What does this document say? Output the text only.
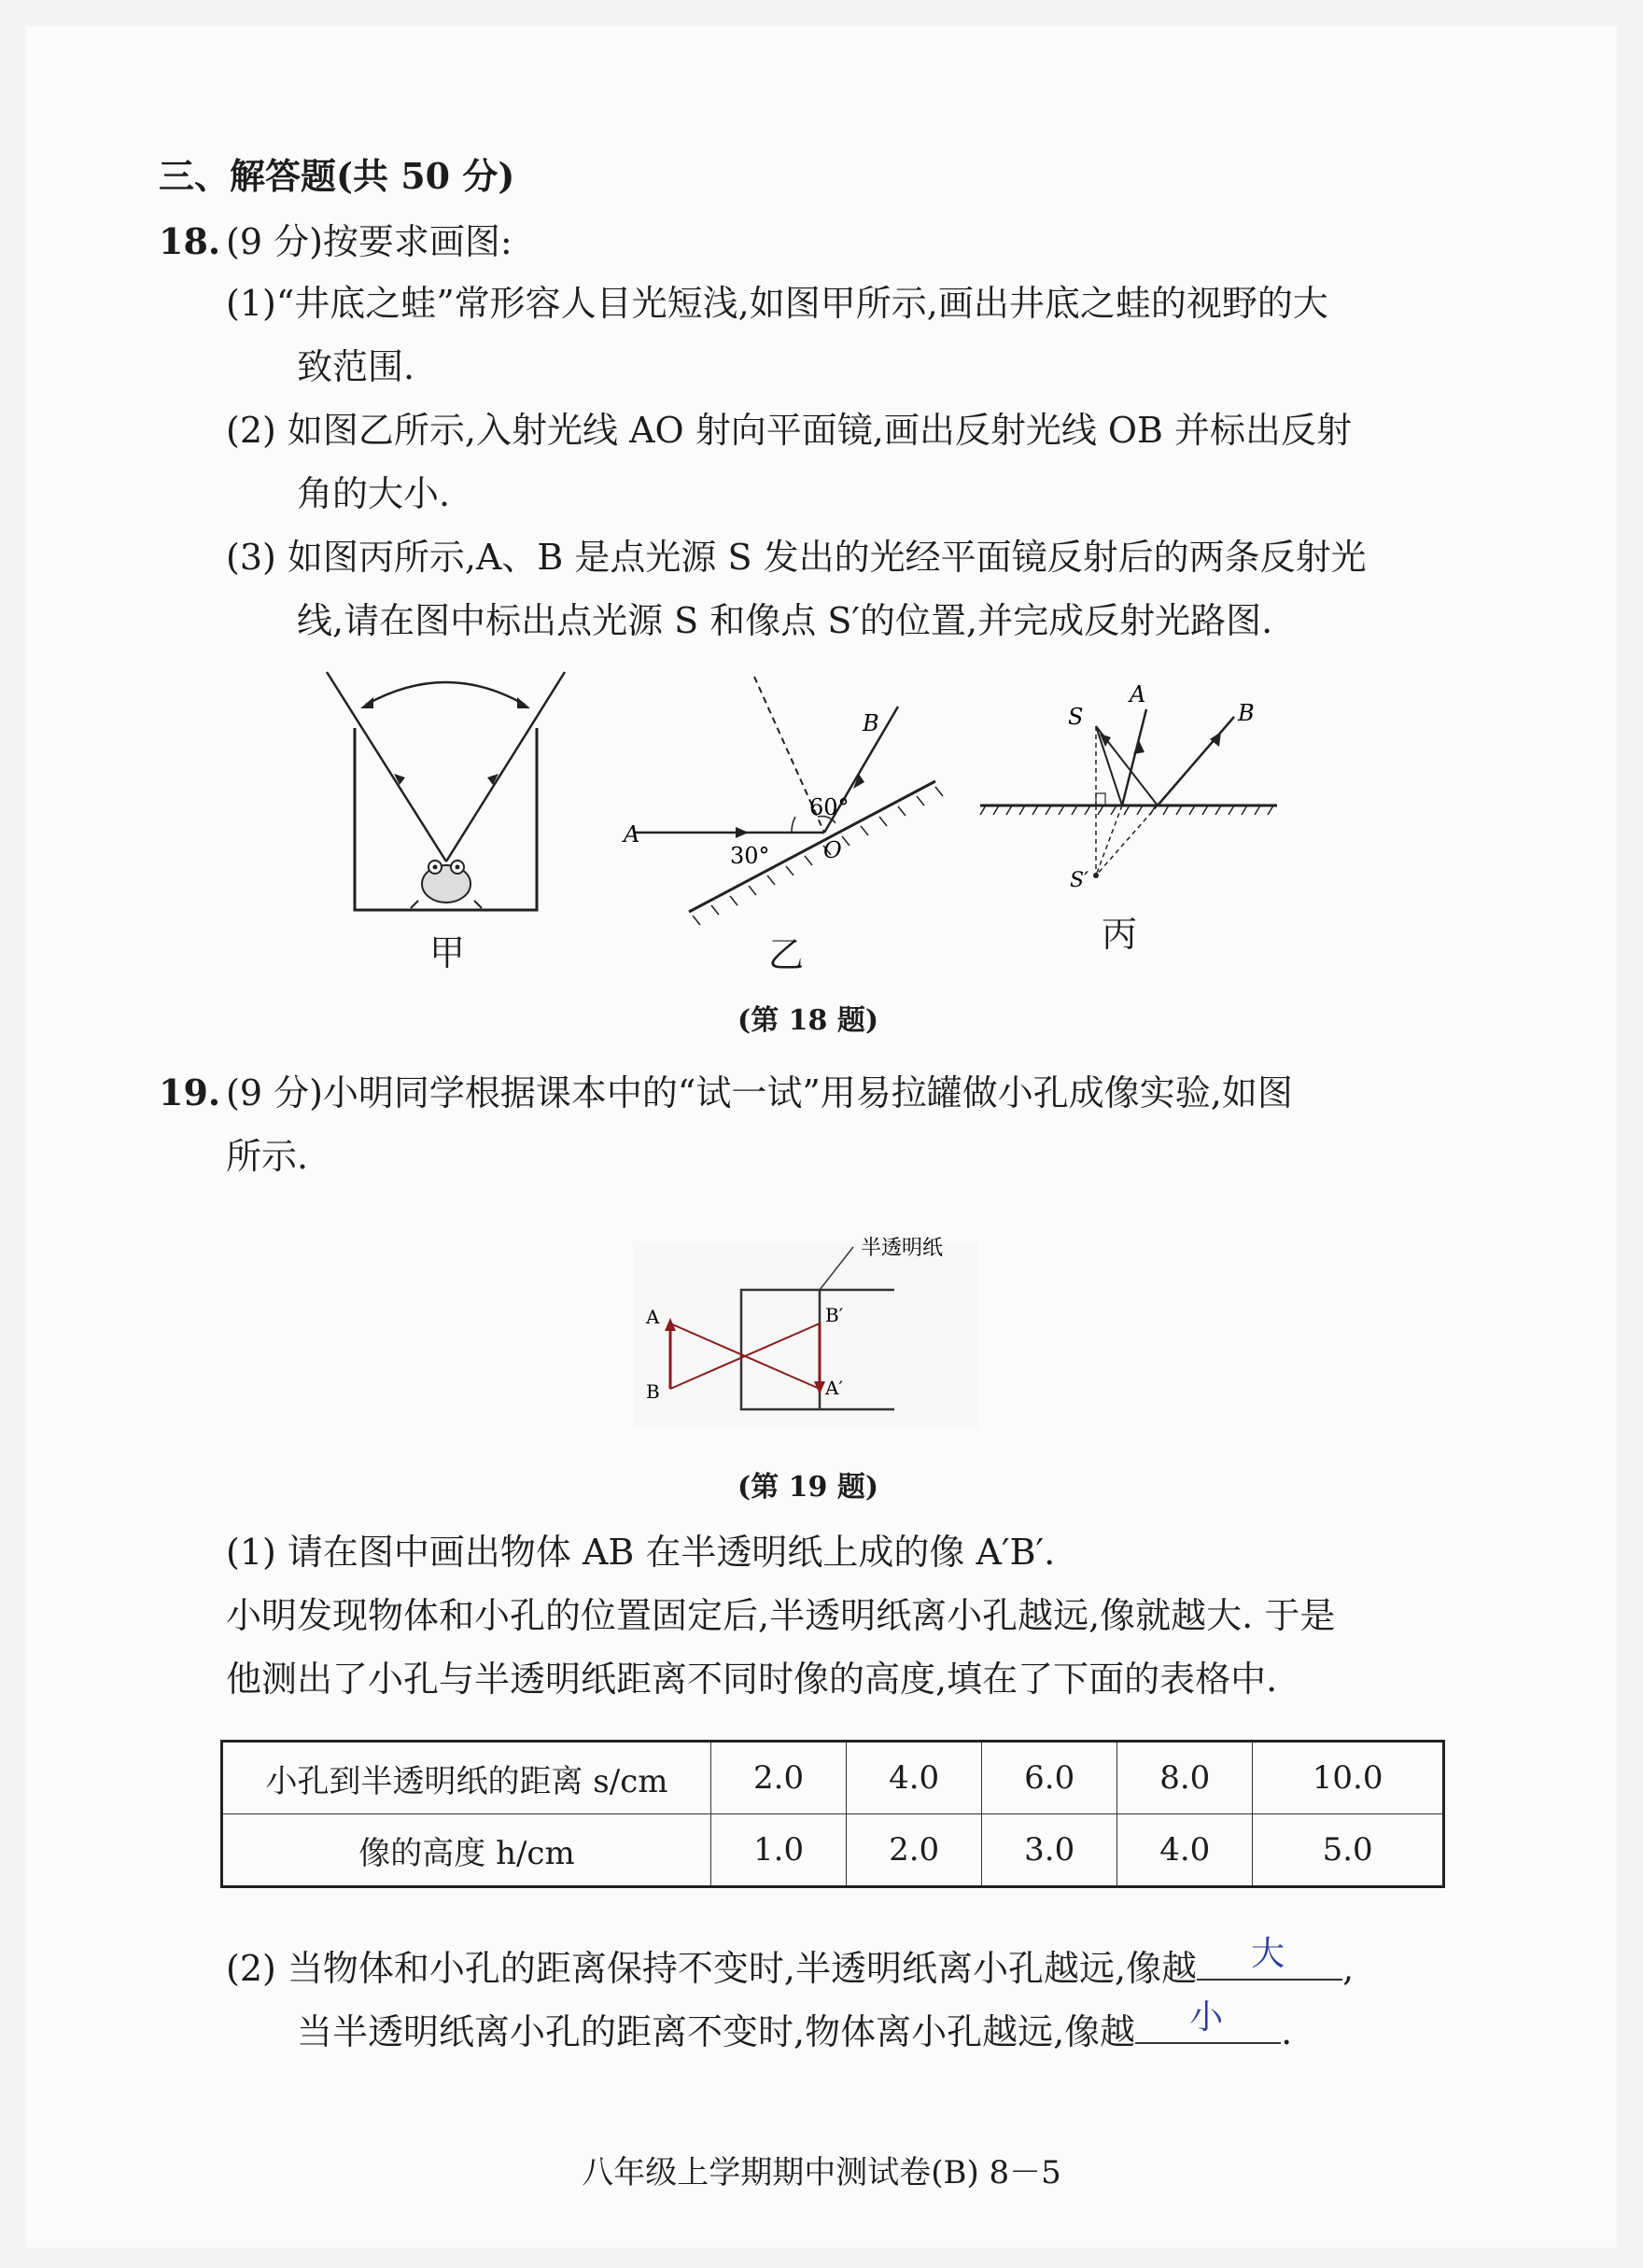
三、解答题(共 50 分)
18. (9 分)按要求画图:
(1)“井底之蛙”常形容人目光短浅,如图甲所示,画出井底之蛙的视野的大
致范围.
(2) 如图乙所示,入射光线 AO 射向平面镜,画出反射光线 OB 并标出反射
角的大小.
(3) 如图丙所示,A、B 是点光源 S 发出的光经平面镜反射后的两条反射光
线,请在图中标出点光源 S 和像点 S′的位置,并完成反射光路图.
甲
A
30°
60°
O
B
乙
S
A
B
S′
丙
(第 18 题)
19. (9 分)小明同学根据课本中的“试一试”用易拉罐做小孔成像实验,如图
所示.
半透明纸
A
B
B′
A′
(第 19 题)
(1) 请在图中画出物体 AB 在半透明纸上成的像 A′B′.
小明发现物体和小孔的位置固定后,半透明纸离小孔越远,像就越大. 于是
他测出了小孔与半透明纸距离不同时像的高度,填在了下面的表格中.
小孔到半透明纸的距离 s/cm	2.0	4.0	6.0	8.0	10.0
像的高度 h/cm	1.0	2.0	3.0	4.0	5.0
(2) 当物体和小孔的距离保持不变时,半透明纸离小孔越远,像越 大 ,
当半透明纸离小孔的距离不变时,物体离小孔越远,像越 小 .
八年级上学期期中测试卷(B) 8－5
